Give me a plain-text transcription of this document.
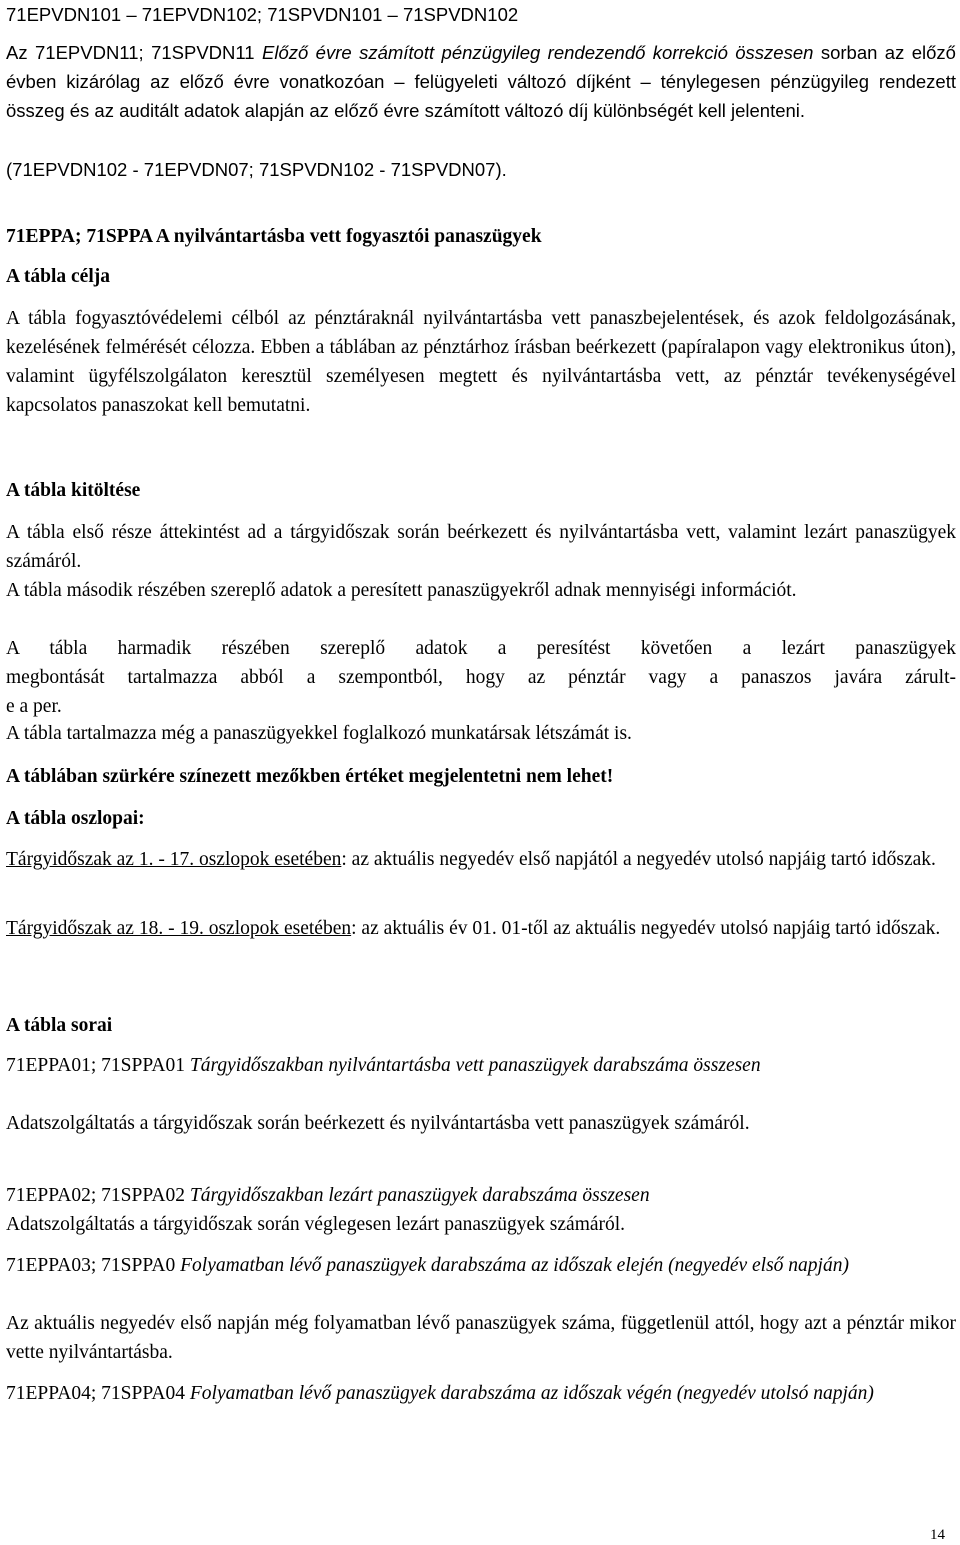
71EPVDN101 – 71EPVDN102; 71SPVDN101 – 71SPVDN102

Az 71EPVDN11; 71SPVDN11 Előző évre számított pénzügyileg rendezendő korrekció összesen sorban az előző évben kizárólag az előző évre vonatkozóan – felügyeleti változó díjként – ténylegesen pénzügyileg rendezett összeg és az auditált adatok alapján az előző évre számított változó díj különbségét kell jelenteni.

(71EPVDN102 - 71EPVDN07; 71SPVDN102 - 71SPVDN07).

71EPPA; 71SPPA A nyilvántartásba vett fogyasztói panaszügyek

A tábla célja

A tábla fogyasztóvédelemi célból az pénztáraknál nyilvántartásba vett panaszbejelentések, és azok feldolgozásának, kezelésének felmérését célozza. Ebben a táblában az pénztárhoz írásban beérkezett (papíralapon vagy elektronikus úton), valamint ügyfélszolgálaton keresztül személyesen megtett és nyilvántartásba vett, az pénztár tevékenységével kapcsolatos panaszokat kell bemutatni.

A tábla kitöltése

A tábla első része áttekintést ad a tárgyidőszak során beérkezett és nyilvántartásba vett, valamint lezárt panaszügyek számáról.

A tábla második részében szereplő adatok a peresített panaszügyekről adnak mennyiségi információt.

A tábla harmadik részében szereplő adatok a peresítést követően a lezárt panaszügyek
megbontását tartalmazza abból a szempontból, hogy az pénztár vagy a panaszos javára zárult-
e a per.

A tábla tartalmazza még a panaszügyekkel foglalkozó munkatársak létszámát is.

A táblában szürkére színezett mezőkben értéket megjelentetni nem lehet!

A tábla oszlopai:

Tárgyidőszak az 1. - 17. oszlopok esetében: az aktuális negyedév első napjától a negyedév utolsó napjáig tartó időszak.

Tárgyidőszak az 18. - 19. oszlopok esetében: az aktuális év 01. 01-től az aktuális negyedév utolsó napjáig tartó időszak.

A tábla sorai

71EPPA01; 71SPPA01 Tárgyidőszakban nyilvántartásba vett panaszügyek darabszáma összesen

Adatszolgáltatás a tárgyidőszak során beérkezett és nyilvántartásba vett panaszügyek számáról.

71EPPA02; 71SPPA02 Tárgyidőszakban lezárt panaszügyek darabszáma összesen

Adatszolgáltatás a tárgyidőszak során véglegesen lezárt panaszügyek számáról.

71EPPA03; 71SPPA0 Folyamatban lévő panaszügyek darabszáma az időszak elején (negyedév első napján)

Az aktuális negyedév első napján még folyamatban lévő panaszügyek száma, függetlenül attól, hogy azt a pénztár mikor vette nyilvántartásba.

71EPPA04; 71SPPA04 Folyamatban lévő panaszügyek darabszáma az időszak végén (negyedév utolsó napján)

14
